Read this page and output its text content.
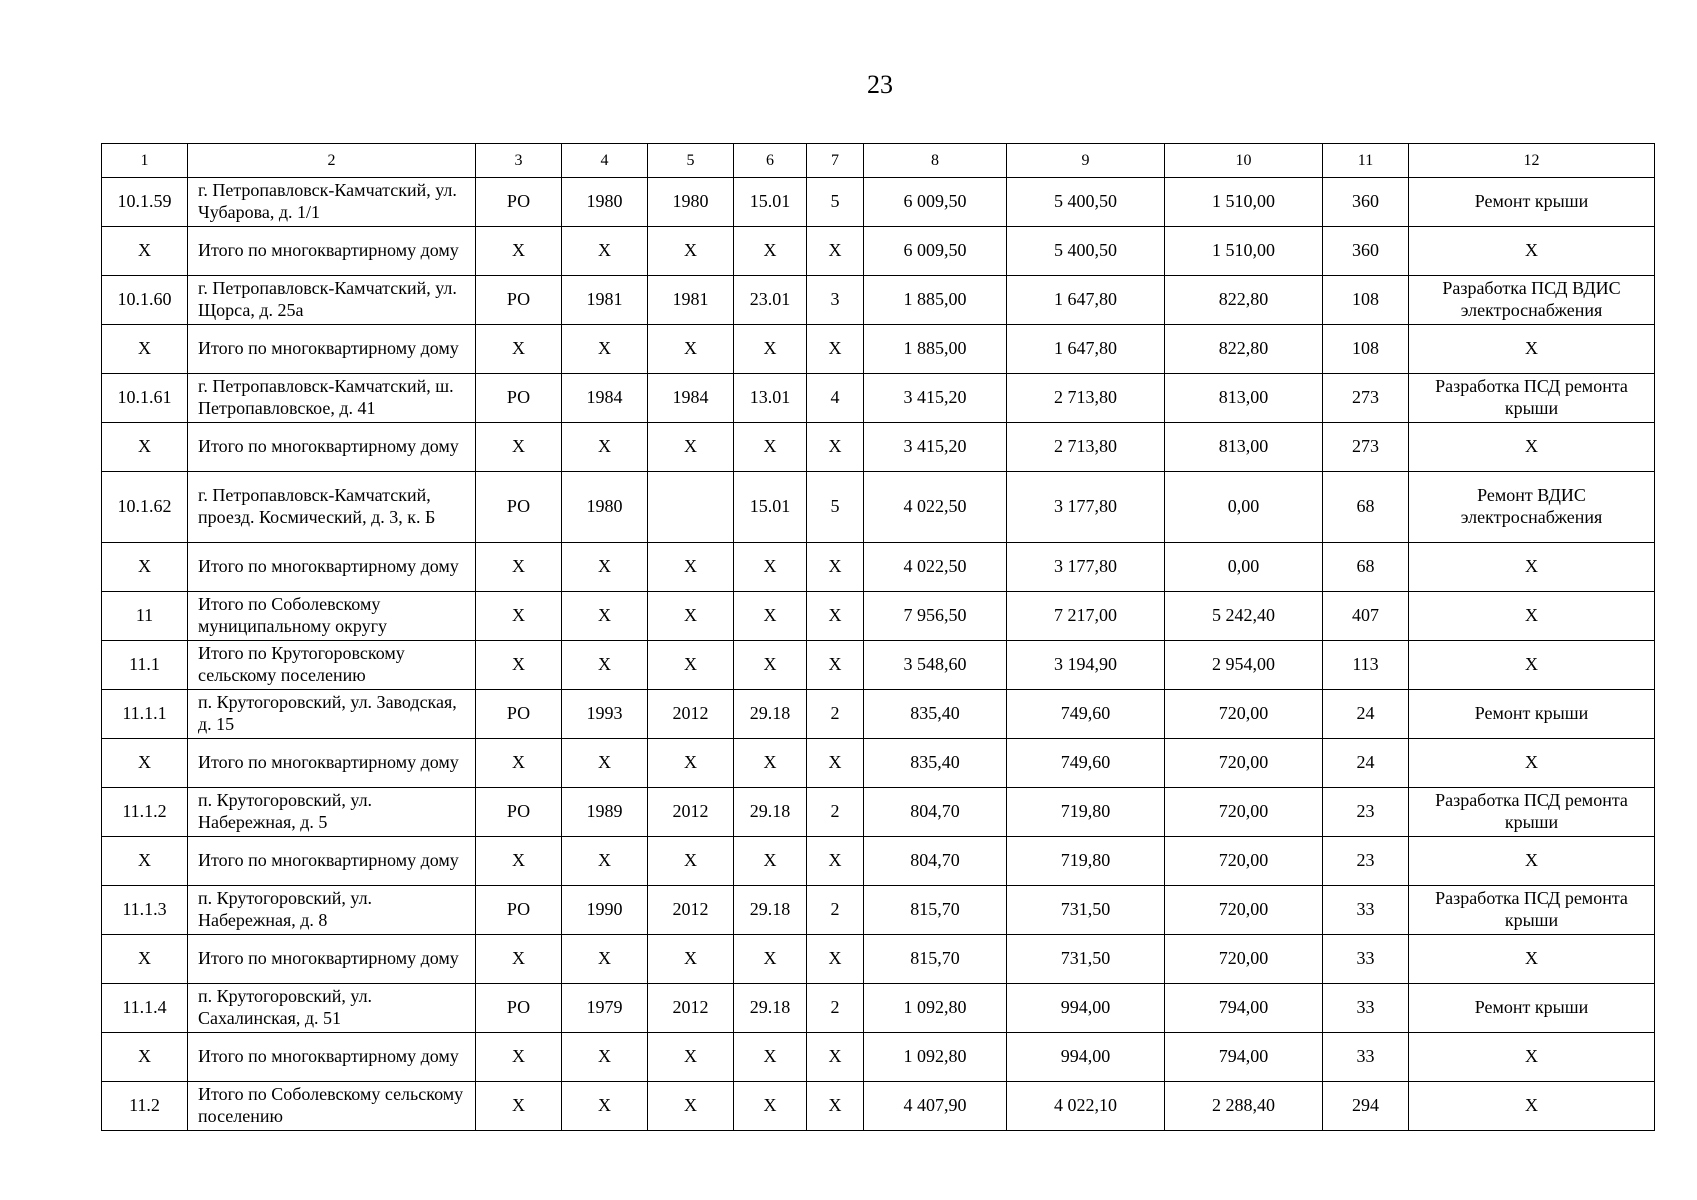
23
1	2	3	4	5	6	7	8	9	10	11	12
10.1.59	г. Петропавловск-Камчатский, ул. Чубарова, д. 1/1	РО	1980	1980	15.01	5	6 009,50	5 400,50	1 510,00	360	Ремонт крыши
Х	Итого по многоквартирному дому	Х	Х	Х	Х	Х	6 009,50	5 400,50	1 510,00	360	Х
10.1.60	г. Петропавловск-Камчатский, ул. Щорса, д. 25а	РО	1981	1981	23.01	3	1 885,00	1 647,80	822,80	108	Разработка ПСД ВДИС электроснабжения
Х	Итого по многоквартирному дому	Х	Х	Х	Х	Х	1 885,00	1 647,80	822,80	108	Х
10.1.61	г. Петропавловск-Камчатский, ш. Петропавловское, д. 41	РО	1984	1984	13.01	4	3 415,20	2 713,80	813,00	273	Разработка ПСД ремонта крыши
Х	Итого по многоквартирному дому	Х	Х	Х	Х	Х	3 415,20	2 713,80	813,00	273	Х
10.1.62	г. Петропавловск-Камчатский, проезд. Космический, д. 3, к. Б	РО	1980		15.01	5	4 022,50	3 177,80	0,00	68	Ремонт ВДИС электроснабжения
Х	Итого по многоквартирному дому	Х	Х	Х	Х	Х	4 022,50	3 177,80	0,00	68	Х
11	Итого по Соболевскому муниципальному округу	Х	Х	Х	Х	Х	7 956,50	7 217,00	5 242,40	407	Х
11.1	Итого по Крутогоровскому сельскому поселению	Х	Х	Х	Х	Х	3 548,60	3 194,90	2 954,00	113	Х
11.1.1	п. Крутогоровский, ул. Заводская, д. 15	РО	1993	2012	29.18	2	835,40	749,60	720,00	24	Ремонт крыши
Х	Итого по многоквартирному дому	Х	Х	Х	Х	Х	835,40	749,60	720,00	24	Х
11.1.2	п. Крутогоровский, ул. Набережная, д. 5	РО	1989	2012	29.18	2	804,70	719,80	720,00	23	Разработка ПСД ремонта крыши
Х	Итого по многоквартирному дому	Х	Х	Х	Х	Х	804,70	719,80	720,00	23	Х
11.1.3	п. Крутогоровский, ул. Набережная, д. 8	РО	1990	2012	29.18	2	815,70	731,50	720,00	33	Разработка ПСД ремонта крыши
Х	Итого по многоквартирному дому	Х	Х	Х	Х	Х	815,70	731,50	720,00	33	Х
11.1.4	п. Крутогоровский, ул. Сахалинская, д. 51	РО	1979	2012	29.18	2	1 092,80	994,00	794,00	33	Ремонт крыши
Х	Итого по многоквартирному дому	Х	Х	Х	Х	Х	1 092,80	994,00	794,00	33	Х
11.2	Итого по Соболевскому сельскому поселению	Х	Х	Х	Х	Х	4 407,90	4 022,10	2 288,40	294	Х
